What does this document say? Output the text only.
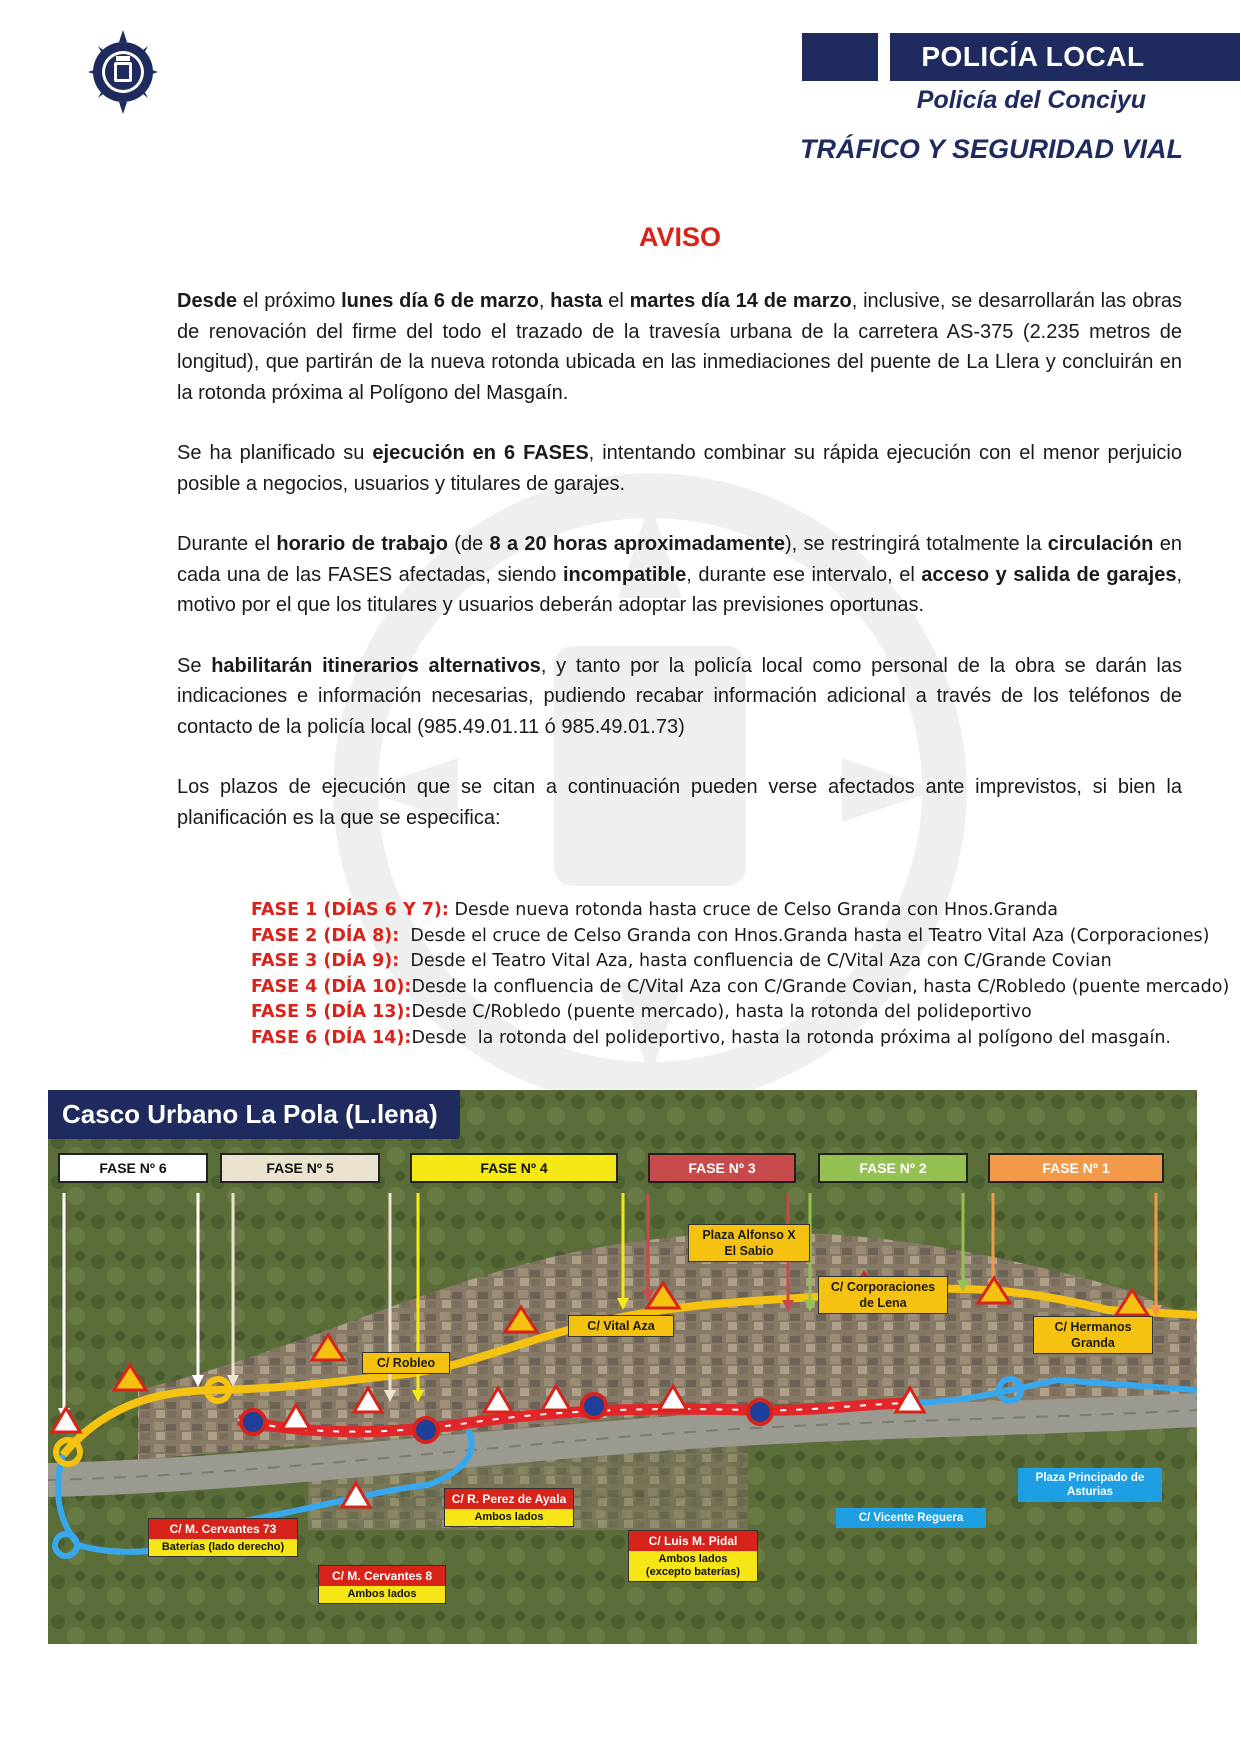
POLICÍA LOCAL
Policía del Conciyu
TRÁFICO Y SEGURIDAD VIAL
AVISO

Desde el próximo lunes día 6 de marzo, hasta el martes día 14 de marzo, inclusive, se desarrollarán las obras de renovación del firme del todo el trazado de la travesía urbana de la carretera AS-375 (2.235 metros de longitud), que partirán de la nueva rotonda ubicada en las inmediaciones del puente de La Llera y concluirán en la rotonda próxima al Polígono del Masgaín.

Se ha planificado su ejecución en 6 FASES, intentando combinar su rápida ejecución con el menor perjuicio posible a negocios, usuarios y titulares de garajes.

Durante el horario de trabajo (de 8 a 20 horas aproximadamente), se restringirá totalmente la circulación en cada una de las FASES afectadas, siendo incompatible, durante ese intervalo, el acceso y salida de garajes, motivo por el que los titulares y usuarios deberán adoptar las previsiones oportunas.

Se habilitarán itinerarios alternativos, y tanto por la policía local como personal de la obra se darán las indicaciones e información necesarias, pudiendo recabar información adicional a través de los teléfonos de contacto de la policía local (985.49.01.11 ó 985.49.01.73)

Los plazos de ejecución que se citan a continuación pueden verse afectados ante imprevistos, si bien la planificación es la que se especifica:

FASE 1 (DÍAS 6 Y 7): Desde nueva rotonda hasta cruce de Celso Granda con Hnos.Granda
FASE 2 (DÍA 8):  Desde el cruce de Celso Granda con Hnos.Granda hasta el Teatro Vital Aza (Corporaciones)
FASE 3 (DÍA 9):  Desde el Teatro Vital Aza, hasta confluencia de C/Vital Aza con C/Grande Covian
FASE 4 (DÍA 10):Desde la confluencia de C/Vital Aza con C/Grande Covian, hasta C/Robledo (puente mercado)
FASE 5 (DÍA 13):Desde C/Robledo (puente mercado), hasta la rotonda del polideportivo
FASE 6 (DÍA 14):Desde  la rotonda del polideportivo, hasta la rotonda próxima al polígono del masgaín.
Casco Urbano La Pola (L.lena)
FASE Nº 6	FASE Nº 5	FASE Nº 4	FASE Nº 3	FASE Nº 2	FASE Nº 1
Plaza Alfonso X
El Sabio
C/ Corporaciones
de Lena
C/ Vital Aza	C/ Hermanos
Granda
C/ Robleo
Plaza Principado de
Asturias
C/ Vicente Reguera
C/ M. Cervantes 73
Baterías (lado derecho)
C/ R. Perez de Ayala
Ambos lados
C/ Luis M. Pidal
Ambos lados
(excepto baterías)
C/ M. Cervantes 8
Ambos lados
